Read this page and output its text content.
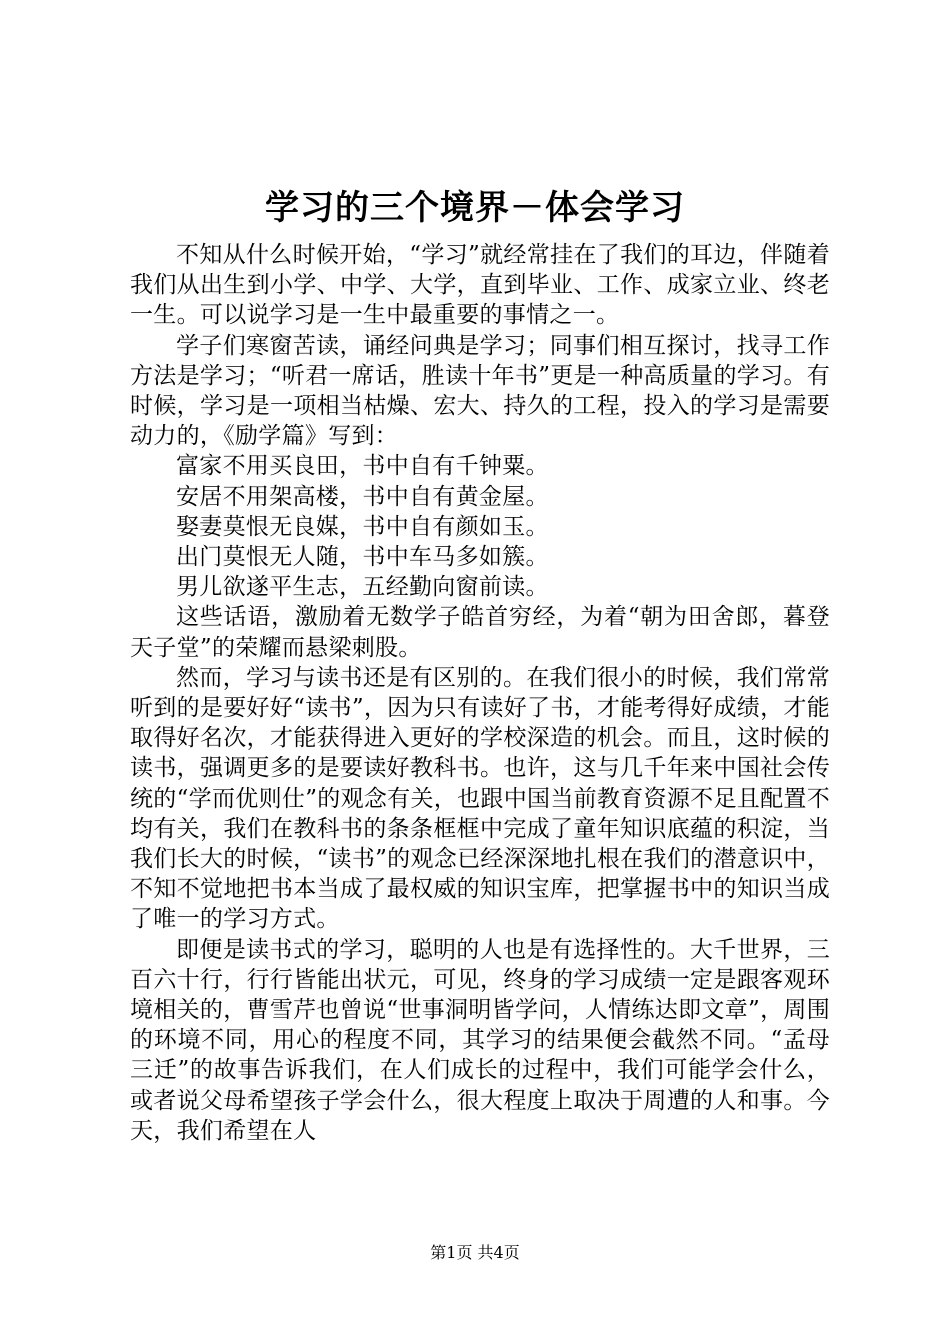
学习的三个境界－体会学习

不知从什么时候开始，“学习”就经常挂在了我们的耳边，伴随着我们从出生到小学、中学、大学，直到毕业、工作、成家立业、终老一生。可以说学习是一生中最重要的事情之一。

学子们寒窗苦读，诵经问典是学习；同事们相互探讨，找寻工作方法是学习；“听君一席话，胜读十年书”更是一种高质量的学习。有时候，学习是一项相当枯燥、宏大、持久的工程，投入的学习是需要动力的，《励学篇》写到：

富家不用买良田，书中自有千钟粟。

安居不用架高楼，书中自有黄金屋。

娶妻莫恨无良媒，书中自有颜如玉。

出门莫恨无人随，书中车马多如簇。

男儿欲遂平生志，五经勤向窗前读。

这些话语，激励着无数学子皓首穷经，为着“朝为田舍郎，暮登天子堂”的荣耀而悬梁刺股。

然而，学习与读书还是有区别的。在我们很小的时候，我们常常听到的是要好好“读书”，因为只有读好了书，才能考得好成绩，才能取得好名次，才能获得进入更好的学校深造的机会。而且，这时候的读书，强调更多的是要读好教科书。也许，这与几千年来中国社会传统的“学而优则仕”的观念有关，也跟中国当前教育资源不足且配置不均有关，我们在教科书的条条框框中完成了童年知识底蕴的积淀，当我们长大的时候，“读书”的观念已经深深地扎根在我们的潜意识中，不知不觉地把书本当成了最权威的知识宝库，把掌握书中的知识当成了唯一的学习方式。

即便是读书式的学习，聪明的人也是有选择性的。大千世界，三百六十行，行行皆能出状元，可见，终身的学习成绩一定是跟客观环境相关的，曹雪芹也曾说“世事洞明皆学问，人情练达即文章”，周围的环境不同，用心的程度不同，其学习的结果便会截然不同。“孟母三迁”的故事告诉我们，在人们成长的过程中，我们可能学会什么，或者说父母希望孩子学会什么，很大程度上取决于周遭的人和事。今天，我们希望在人

第1页 共4页
